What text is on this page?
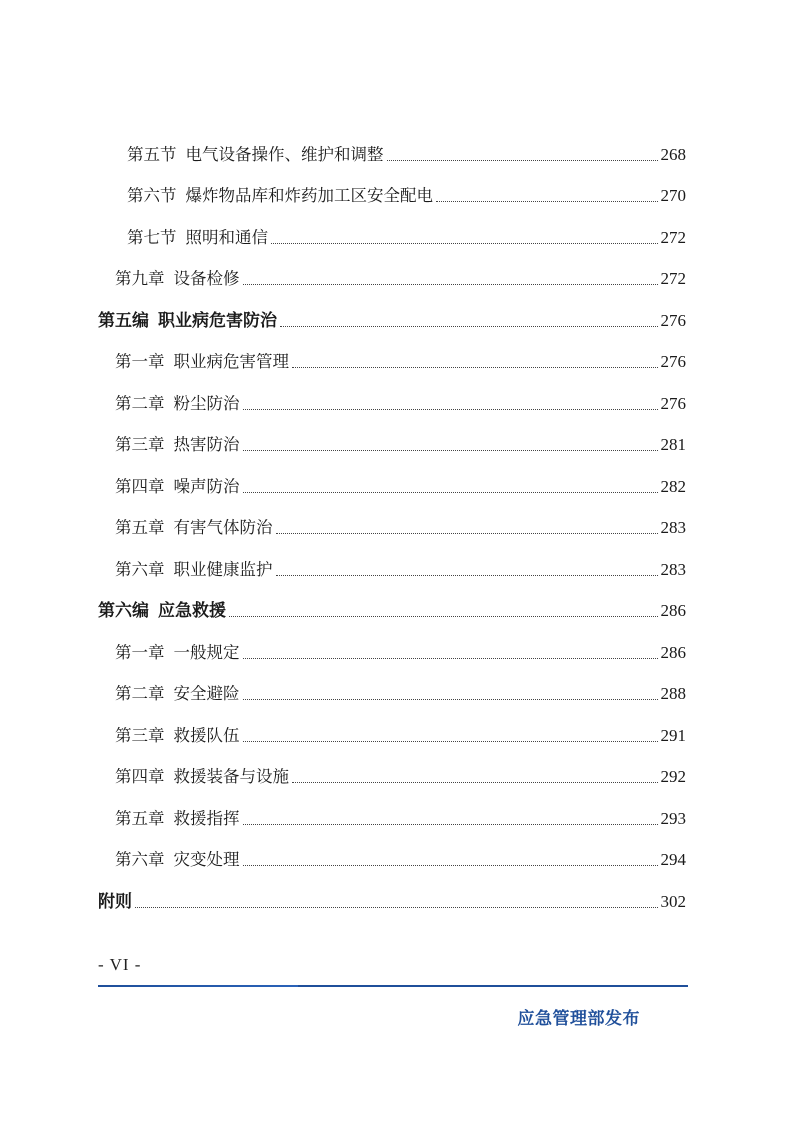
第五节 电气设备操作、维护和调整	268
第六节 爆炸物品库和炸药加工区安全配电	270
第七节 照明和通信	272
第九章 设备检修	272
第五编 职业病危害防治	276
第一章 职业病危害管理	276
第二章 粉尘防治	276
第三章 热害防治	281
第四章 噪声防治	282
第五章 有害气体防治	283
第六章 职业健康监护	283
第六编 应急救援	286
第一章 一般规定	286
第二章 安全避险	288
第三章 救援队伍	291
第四章 救援装备与设施	292
第五章 救援指挥	293
第六章 灾变处理	294
附则	302
- VI -
应急管理部发布
